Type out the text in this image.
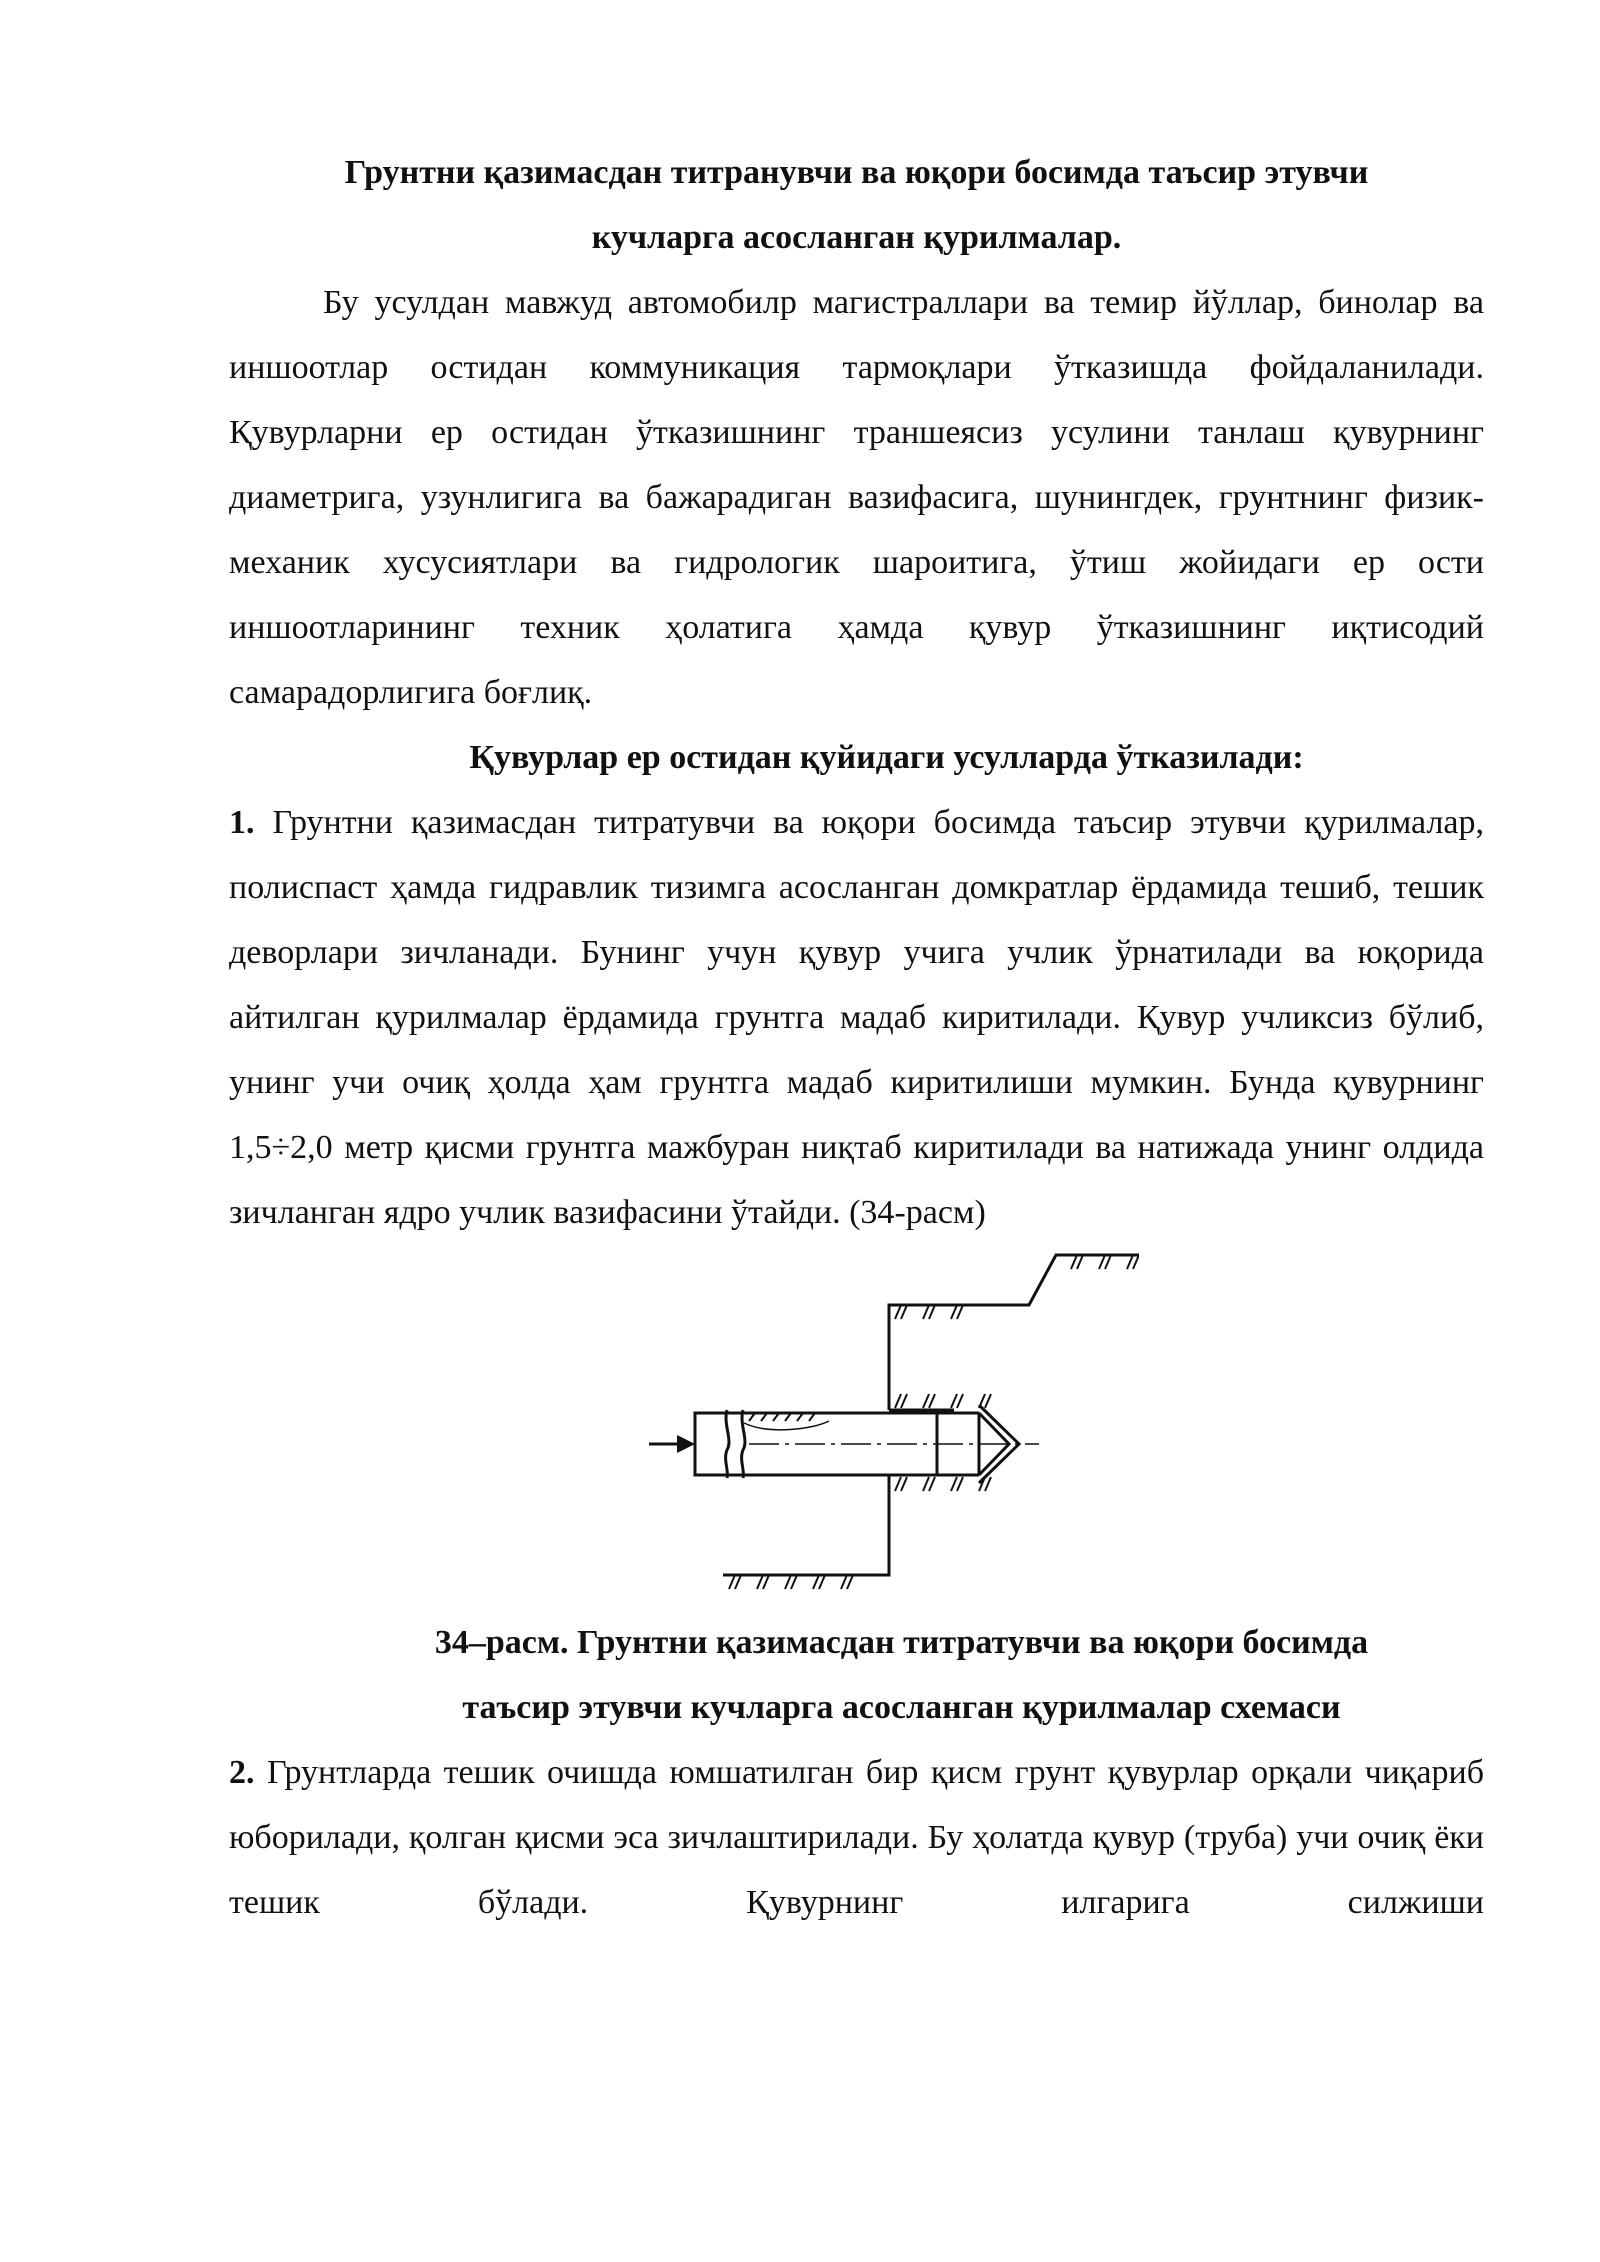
Грунтни қазимасдан титранувчи ва юқори босимда таъсир этувчи

кучларга асосланган қурилмалар.

Бу усулдан мавжуд автомобилр магистраллари ва темир йўллар, бинолар ва иншоотлар остидан коммуникация тармоқлари ўтказишда фойдаланилади. Қувурларни ер остидан ўтказишнинг траншеясиз усулини танлаш қувурнинг диаметрига, узунлигига ва бажарадиган вазифасига, шунингдек, грунтнинг физик-механик хусусиятлари ва гидрологик шароитига, ўтиш жойидаги ер ости иншоотларининг техник ҳолатига ҳамда қувур ўтказишнинг иқтисодий самарадорлигига боғлиқ.

Қувурлар ер остидан қуйидаги усулларда ўтказилади:

1. Грунтни қазимасдан титратувчи ва юқори босимда таъсир этувчи қурилмалар, полиспаст ҳамда гидравлик тизимга асосланган домкратлар ёрдамида тешиб, тешик деворлари зичланади. Бунинг учун қувур учига учлик ўрнатилади ва юқорида айтилган қурилмалар ёрдамида грунтга мадаб киритилади. Қувур учликсиз бўлиб, унинг учи очиқ ҳолда ҳам грунтга мадаб киритилиши мумкин. Бунда қувурнинг 1,5÷2,0 метр қисми грунтга мажбуран ниқтаб киритилади ва натижада унинг олдида зичланган ядро учлик вазифасини ўтайди. (34-расм)

34–расм. Грунтни қазимасдан титратувчи ва юқори босимда

таъсир этувчи кучларга асосланган қурилмалар схемаси

2. Грунтларда тешик очишда юмшатилган бир қисм грунт қувурлар орқали чиқариб юборилади, қолган қисми эса зичлаштирилади. Бу ҳолатда қувур (труба) учи очиқ ёки тешик бўлади. Қувурнинг илгарига силжиши
